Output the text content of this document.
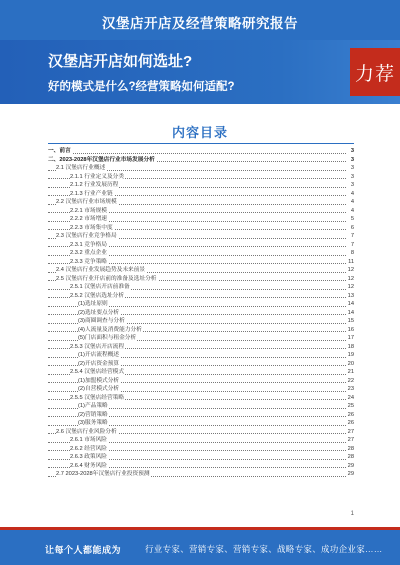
汉堡店开店及经营策略研究报告
汉堡店开店如何选址?
好的模式是什么?经营策略如何适配?
力荐
内容目录
一、前言	3
二、2023-2028年汉堡店行业市场发展分析	3
2.1 汉堡店行业概述	3
2.1.1 行业定义及分类	3
2.1.2 行业发展历程	3
2.1.3 行业产业链	4
2.2 汉堡店行业市场规模	4
2.2.1 市场规模	4
2.2.2 市场增速	5
2.2.3 市场集中度	6
2.3 汉堡店行业竞争格局	7
2.3.1 竞争格局	7
2.3.2 重点企业	8
2.3.3 竞争策略	11
2.4 汉堡店行业发展趋势及未来前景	12
2.5 汉堡店行业开店前的准备及选址分析	12
2.5.1 汉堡店开店前准备	12
2.5.2 汉堡店选址分析	13
(1)选址原则	14
(2)选址要点分析	14
(3)商圈调查与分析	15
(4)人流量及消费能力分析	16
(5)门店面积与租金分析	17
2.5.3 汉堡店开店流程	18
(1)开店流程概述	19
(2)开店资金预算	20
2.5.4 汉堡店经营模式	21
(1)加盟模式分析	22
(2)自营模式分析	23
2.5.5 汉堡店经营策略	24
(1)产品策略	25
(2)营销策略	26
(3)服务策略	26
2.6 汉堡店行业风险分析	27
2.6.1 市场风险	27
2.6.2 经营风险	28
2.6.3 政策风险	28
2.6.4 财务风险	29
2.7 2023-2028年汉堡店行业投资预测	29
1
让每个人都能成为	行业专家、营销专家、营销专家、战略专家、成功企业家……
